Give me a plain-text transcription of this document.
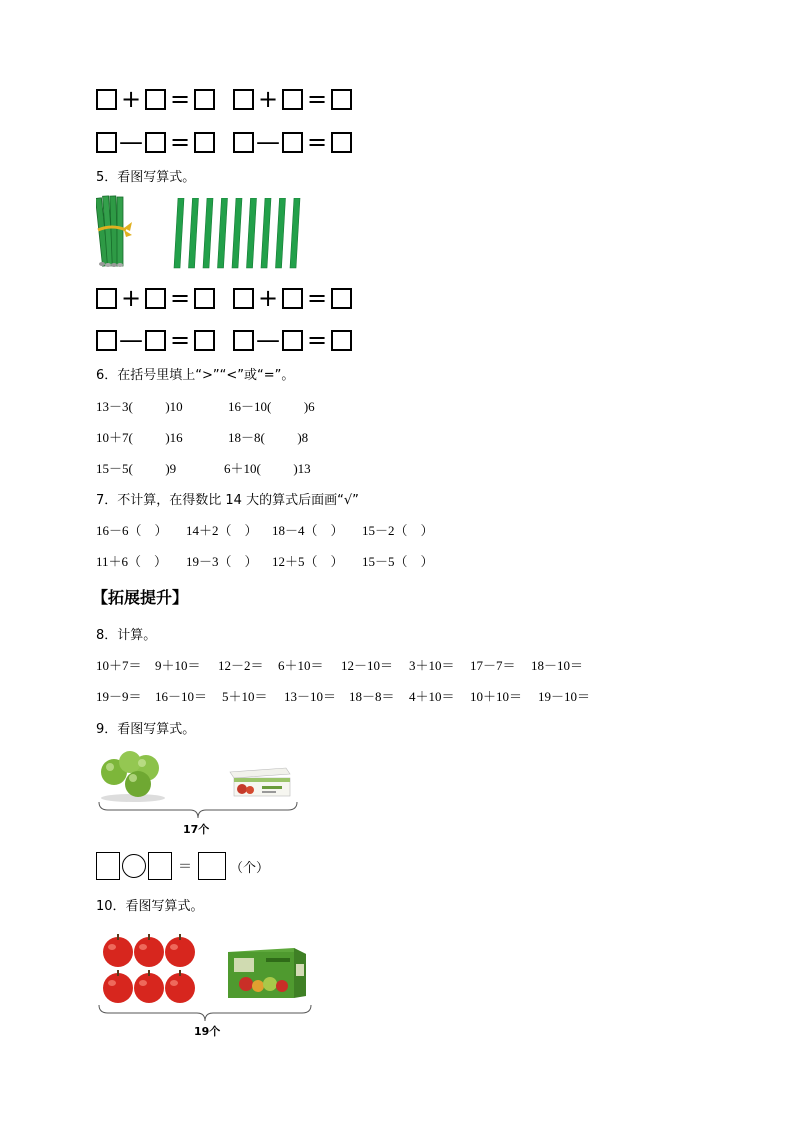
+ =	+ =
— =	— =
5．看图写算式。
+ =	+ =
— =	— =
6．在括号里填上“>”“<”或“=”。
13－3(          )10	16－10(          )6
10＋7(          )16	18－8(          )8
15－5(          )9	6＋10(          )13
7．不计算，在得数比 14 大的算式后面画“√”
16－6（    ） 14＋2（    ） 18－4（    ） 15－2（    ）
11＋6（    ） 19－3（    ） 12＋5（    ） 15－5（    ）
【拓展提升】
8．计算。
10＋7＝ 9＋10＝ 12－2＝ 6＋10＝ 12－10＝ 3＋10＝ 17－7＝ 18－10＝
19－9＝ 16－10＝ 5＋10＝ 13－10＝ 18－8＝ 4＋10＝ 10＋10＝ 19－10＝
9．看图写算式。
17个
＝	（个）
10．看图写算式。
19个
